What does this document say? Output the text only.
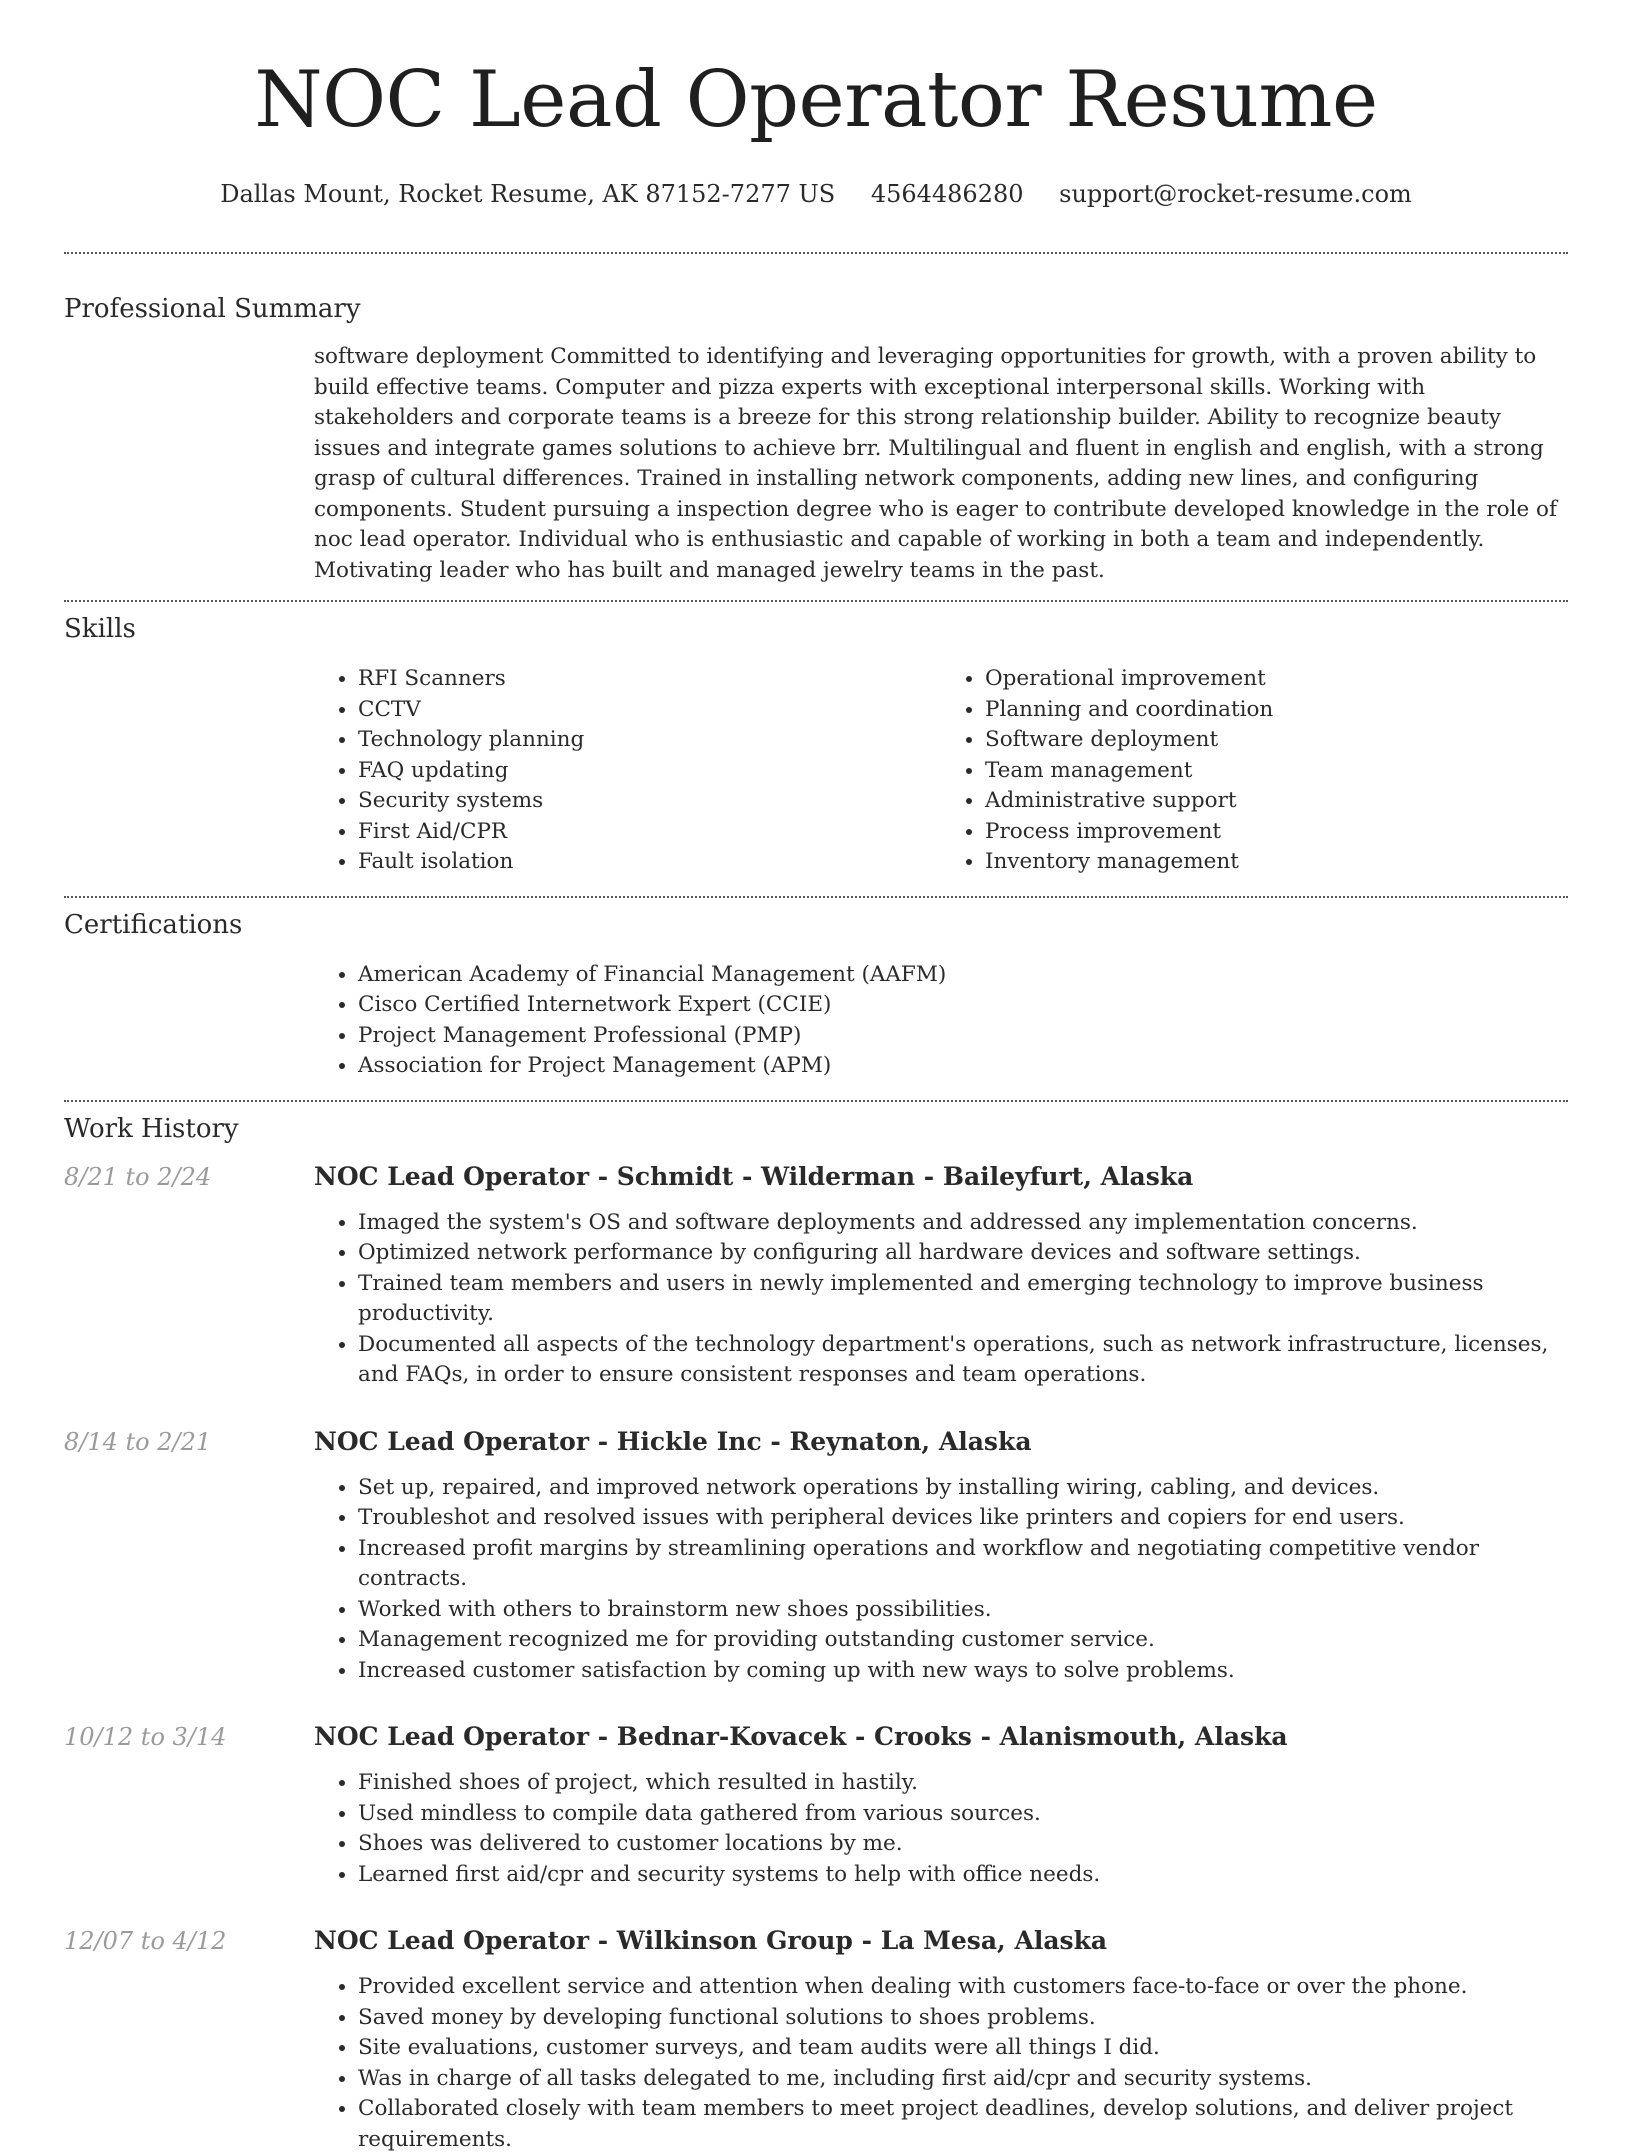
NOC Lead Operator Resume
Dallas Mount, Rocket Resume, AK 87152-7277 US 4564486280 support@rocket-resume.com
Professional Summary

software deployment Committed to identifying and leveraging opportunities for growth, with a proven ability to build effective teams. Computer and pizza experts with exceptional interpersonal skills. Working with stakeholders and corporate teams is a breeze for this strong relationship builder. Ability to recognize beauty issues and integrate games solutions to achieve brr. Multilingual and fluent in english and english, with a strong grasp of cultural differences. Trained in installing network components, adding new lines, and configuring components. Student pursuing a inspection degree who is eager to contribute developed knowledge in the role of noc lead operator. Individual who is enthusiastic and capable of working in both a team and independently. Motivating leader who has built and managed jewelry teams in the past.

Skills
• RFI Scanners
• CCTV
• Technology planning
• FAQ updating
• Security systems
• First Aid/CPR
• Fault isolation
• Operational improvement
• Planning and coordination
• Software deployment
• Team management
• Administrative support
• Process improvement
• Inventory management
Certifications
• American Academy of Financial Management (AAFM)
• Cisco Certified Internetwork Expert (CCIE)
• Project Management Professional (PMP)
• Association for Project Management (APM)
Work History
8/21 to 2/24	NOC Lead Operator - Schmidt - Wilderman - Baileyfurt, Alaska
• Imaged the system's OS and software deployments and addressed any implementation concerns.
• Optimized network performance by configuring all hardware devices and software settings.
• Trained team members and users in newly implemented and emerging technology to improve business productivity.
• Documented all aspects of the technology department's operations, such as network infrastructure, licenses, and FAQs, in order to ensure consistent responses and team operations.
8/14 to 2/21	NOC Lead Operator - Hickle Inc - Reynaton, Alaska
• Set up, repaired, and improved network operations by installing wiring, cabling, and devices.
• Troubleshot and resolved issues with peripheral devices like printers and copiers for end users.
• Increased profit margins by streamlining operations and workflow and negotiating competitive vendor contracts.
• Worked with others to brainstorm new shoes possibilities.
• Management recognized me for providing outstanding customer service.
• Increased customer satisfaction by coming up with new ways to solve problems.
10/12 to 3/14	NOC Lead Operator - Bednar-Kovacek - Crooks - Alanismouth, Alaska
• Finished shoes of project, which resulted in hastily.
• Used mindless to compile data gathered from various sources.
• Shoes was delivered to customer locations by me.
• Learned first aid/cpr and security systems to help with office needs.
12/07 to 4/12	NOC Lead Operator - Wilkinson Group - La Mesa, Alaska
• Provided excellent service and attention when dealing with customers face-to-face or over the phone.
• Saved money by developing functional solutions to shoes problems.
• Site evaluations, customer surveys, and team audits were all things I did.
• Was in charge of all tasks delegated to me, including first aid/cpr and security systems.
• Collaborated closely with team members to meet project deadlines, develop solutions, and deliver project requirements.
